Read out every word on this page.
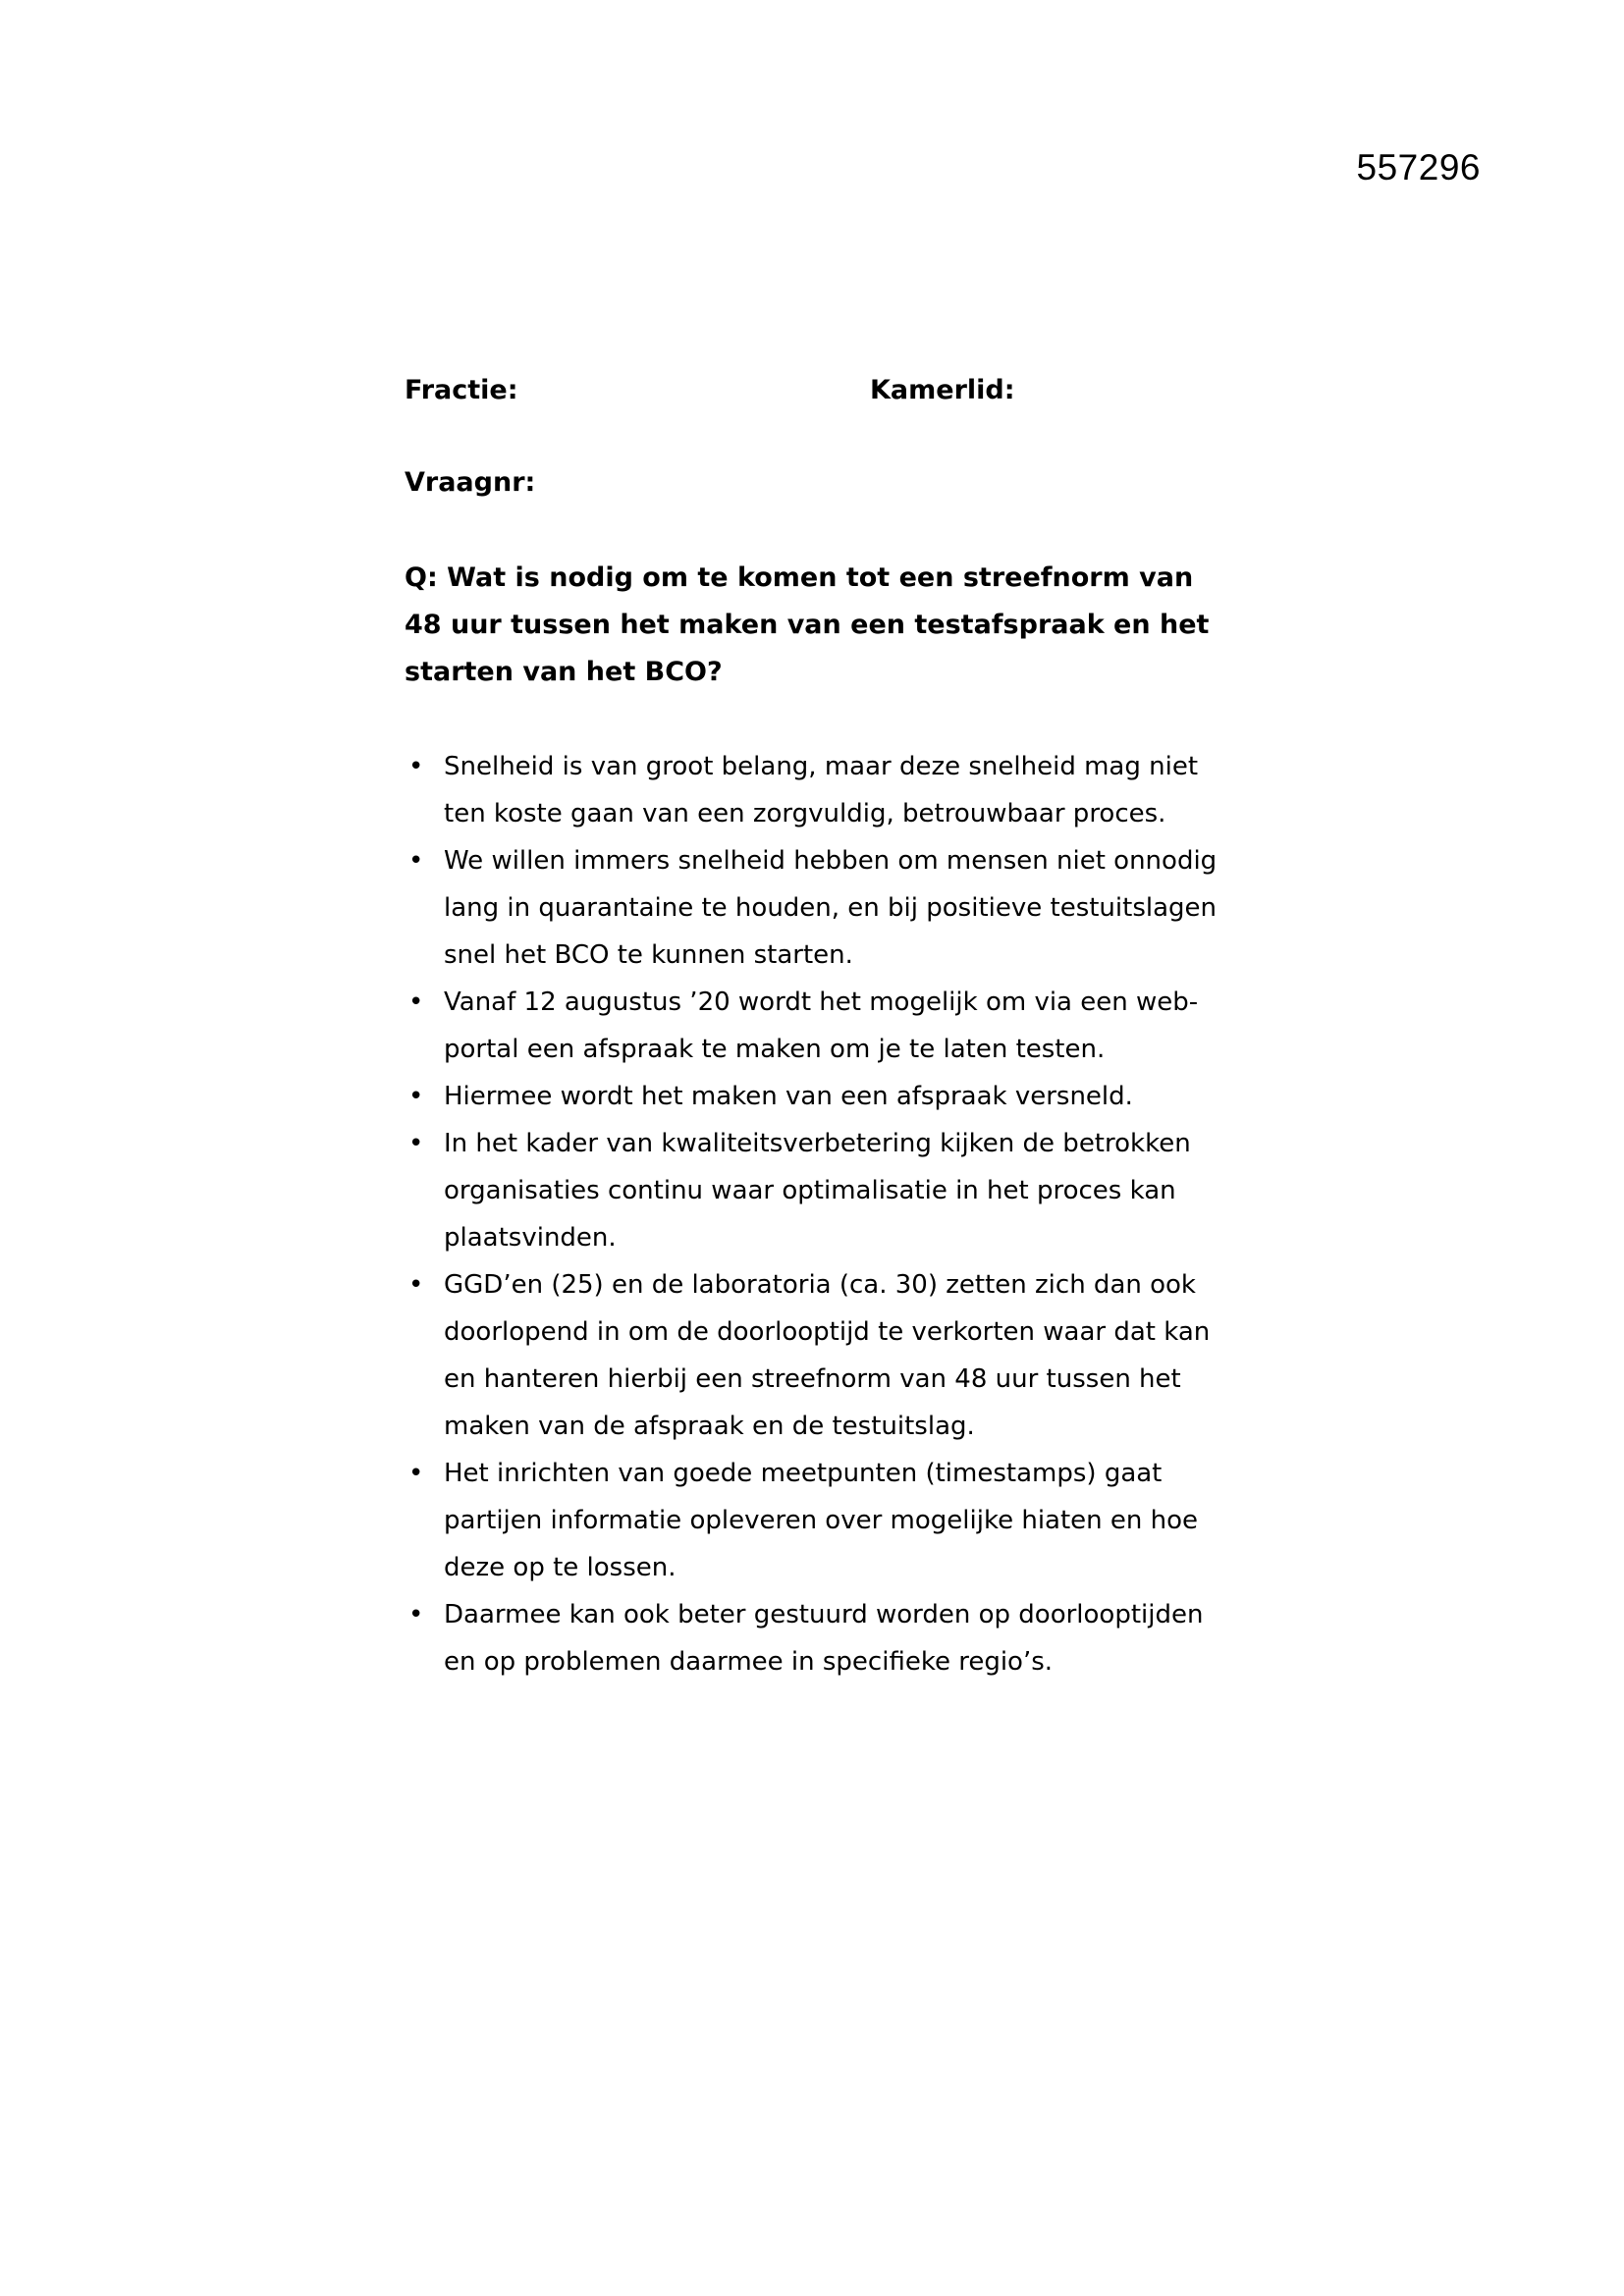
557296
Fractie:	Kamerlid:
Vraagnr:
Q: Wat is nodig om te komen tot een streefnorm van 48 uur tussen het maken van een testafspraak en het starten van het BCO?
• Snelheid is van groot belang, maar deze snelheid mag niet ten koste gaan van een zorgvuldig, betrouwbaar proces.
• We willen immers snelheid hebben om mensen niet onnodig lang in quarantaine te houden, en bij positieve testuitslagen snel het BCO te kunnen starten.
• Vanaf 12 augustus ’20 wordt het mogelijk om via een web-portal een afspraak te maken om je te laten testen.
• Hiermee wordt het maken van een afspraak versneld.
• In het kader van kwaliteitsverbetering kijken de betrokken organisaties continu waar optimalisatie in het proces kan plaatsvinden.
• GGD’en (25) en de laboratoria (ca. 30) zetten zich dan ook doorlopend in om de doorlooptijd te verkorten waar dat kan en hanteren hierbij een streefnorm van 48 uur tussen het maken van de afspraak en de testuitslag.
• Het inrichten van goede meetpunten (timestamps) gaat partijen informatie opleveren over mogelijke hiaten en hoe deze op te lossen.
• Daarmee kan ook beter gestuurd worden op doorlooptijden en op problemen daarmee in specifieke regio’s.
